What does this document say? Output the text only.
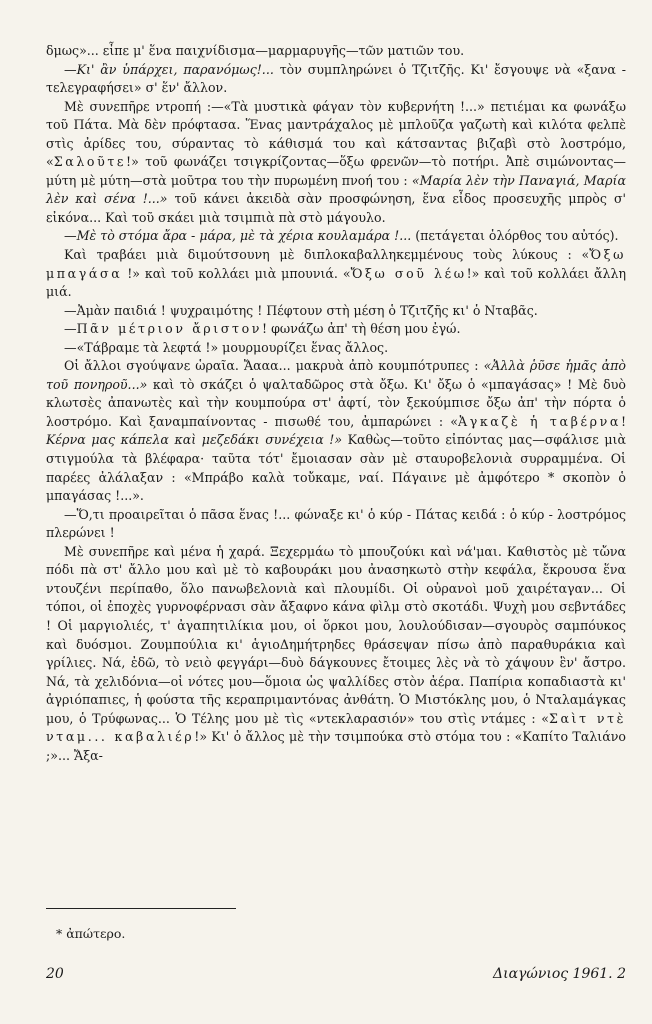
δμως»... εἶπε μ' ἕνα παιχνίδισμα—μαρμαρυγῆς—τῶν ματιῶν του.

—Κι' ἂν ὑπάρχει, παρανόμως!... τὸν συμπληρώνει ὁ Τζιτζῆς. Κι' ἔσγουψε νὰ «ξανα - τελεγραφήσει» σ' ἕν' ἄλλον.

Μὲ συνεπῆρε ντροπή :—«Τὰ μυστικὰ φάγαν τὸν κυβερνήτη !...» πετιέμαι κα φωνάξω τοῦ Πάτα. Μὰ δὲν πρόφτασα. Ἕνας μαντράχαλος μὲ μπλοῦζα γαζωτὴ καὶ κιλότα φελπὲ στὶς ἀρίδες του, σύραντας τὸ κάθισμά του καὶ κάτσαντας βιζαβὶ στὸ λοστρόμο, «Σαλοῦτε!» τοῦ φωνάζει τσιγκρίζοντας—ὅξω φρενῶν—τὸ ποτήρι. Ἀπὲ σιμώνοντας—μύτη μὲ μύτη—στὰ μοῦτρα του τὴν πυρωμένη πνοή του : «Μαρία λὲν τὴν Παναγιά, Μαρία λὲν καὶ σένα !...» τοῦ κάνει ἀκειδὰ σὰν προσφώνηση, ἕνα εἶδος προσευχῆς μπρὸς σ' εἰκόνα... Καὶ τοῦ σκάει μιὰ τσιμπιὰ πὰ στὸ μάγουλο.

—Μὲ τὸ στόμα ἄρα - μάρα, μὲ τὰ χέρια κουλαμάρα !... (πετάγεται ὁλόρθος του αὐτός).

Καὶ τραβάει μιὰ διμούτσουνη μὲ διπλοκαβαλληκεμμένους τοὺς λύκους : «Ὄξω μπαγάσα !» καὶ τοῦ κολλάει μιὰ μπουνιά. «Ὄξω σοῦ λέω!» καὶ τοῦ κολλάει ἄλλη μιά.

—Ἀμὰν παιδιά ! ψυχραιμότης ! Πέφτουν στὴ μέση ὁ Τζιτζῆς κι' ὁ Νταβᾶς.

—Πᾶν μέτριον ἄριστον! φωνάζω ἀπ' τὴ θέση μου ἐγώ.

—«Τάβραμε τὰ λεφτά !» μουρμουρίζει ἕνας ἄλλος.

Οἱ ἄλλοι σγούψανε ὡραῖα. Ἄααα... μακρυὰ ἀπὸ κουμπότρυπες : «Ἀλλὰ ῥῦσε ἡμᾶς ἀπὸ τοῦ πονηροῦ...» καὶ τὸ σκάζει ὁ ψαλταδῶρος στὰ ὄξω. Κι' ὄξω ὁ «μπαγάσας» ! Μὲ δυὸ κλωτσὲς ἀπανωτὲς καὶ τὴν κουμπούρα στ' ἀφτί, τὸν ξεκούμπισε ὄξω ἀπ' τὴν πόρτα ὁ λοστρόμο. Καὶ ξαναμπαίνοντας - πισωθέ του, ἀμπαρώνει : «Ἀγκαζὲ ἡ ταβέρνα! Κέρνα μας κάπελα καὶ μεζεδάκι συνέχεια !» Καθὼς—τοῦτο εἰπόντας μας—σφάλισε μιὰ στιγμούλα τὰ βλέφαρα· ταῦτα τότ' ἔμοιασαν σὰν μὲ σταυροβελονιὰ συρραμμένα. Οἱ παρέες ἀλάλαξαν : «Μπράβο καλὰ τοὔκαμε, ναί. Πάγαινε μὲ ἀμφότερο * σκοπὸν ὁ μπαγάσας !...».

—Ὅ,τι προαιρεῖται ὁ πᾶσα ἕνας !... φώναξε κι' ὁ κύρ - Πάτας κειδά : ὁ κύρ - λοστρόμος πλερώνει !

Μὲ συνεπῆρε καὶ μένα ἡ χαρά. Ξεχερμάω τὸ μπουζούκι καὶ νά'μαι. Καθιστὸς μὲ τὤνα πόδι πὰ στ' ἄλλο μου καὶ μὲ τὸ καβουράκι μου ἀνασηκωτὸ στὴν κεφάλα, ἔκρουσα ἕνα ντουζένι περίπαθο, ὅλο πανωβελονιὰ καὶ πλουμίδι. Οἱ οὐρανοὶ μοῦ χαιρέταγαν... Οἱ τόποι, οἱ ἐποχὲς γυρνοφέρνασι σὰν ἄξαφνο κάνα φὶλμ στὸ σκοτάδι. Ψυχὴ μου σεβντάδες ! Οἱ μαργιολιές, τ' ἀγαπητιλίκια μου, οἱ ὅρκοι μου, λουλούδισαν—σγουρὸς σαμπόυκος καὶ δυόσμοι. Ζουμπούλια κι' ἁγιοΔημήτρηδες θράσεψαν πίσω ἀπὸ παραθυράκια καὶ γρίλιες. Νά, ἐδῶ, τὸ νειὸ φεγγάρι—δυὸ δάγκουνες ἔτοιμες λὲς νὰ τὸ χάψουν ἓν' ἄστρο. Νά, τὰ χελιδόνια—οἱ νότες μου—ὅμοια ὡς ψαλλίδες στὸν ἀέρα. Παπίρια κοπαδιαστὰ κι' ἀγριόπαπιες, ἡ φούστα τῆς κεραπριμαντόνας ἀνθάτη. Ὁ Μιστόκλης μου, ὁ Νταλαμάγκας μου, ὁ Τρύφωνας... Ὁ Τέλης μου μὲ τὶς «ντεκλαρασιόν» του στὶς ντάμες : «Σαὶτ ντὲ νταμ... καβαλιέρ!» Κι' ὁ ἄλλος μὲ τὴν τσιμπούκα στὸ στόμα του : «Καπίτο Ταλιάνο ;»... Ἄξα-

* ἀπώτερο.
20	Διαγώνιος 1961. 2
